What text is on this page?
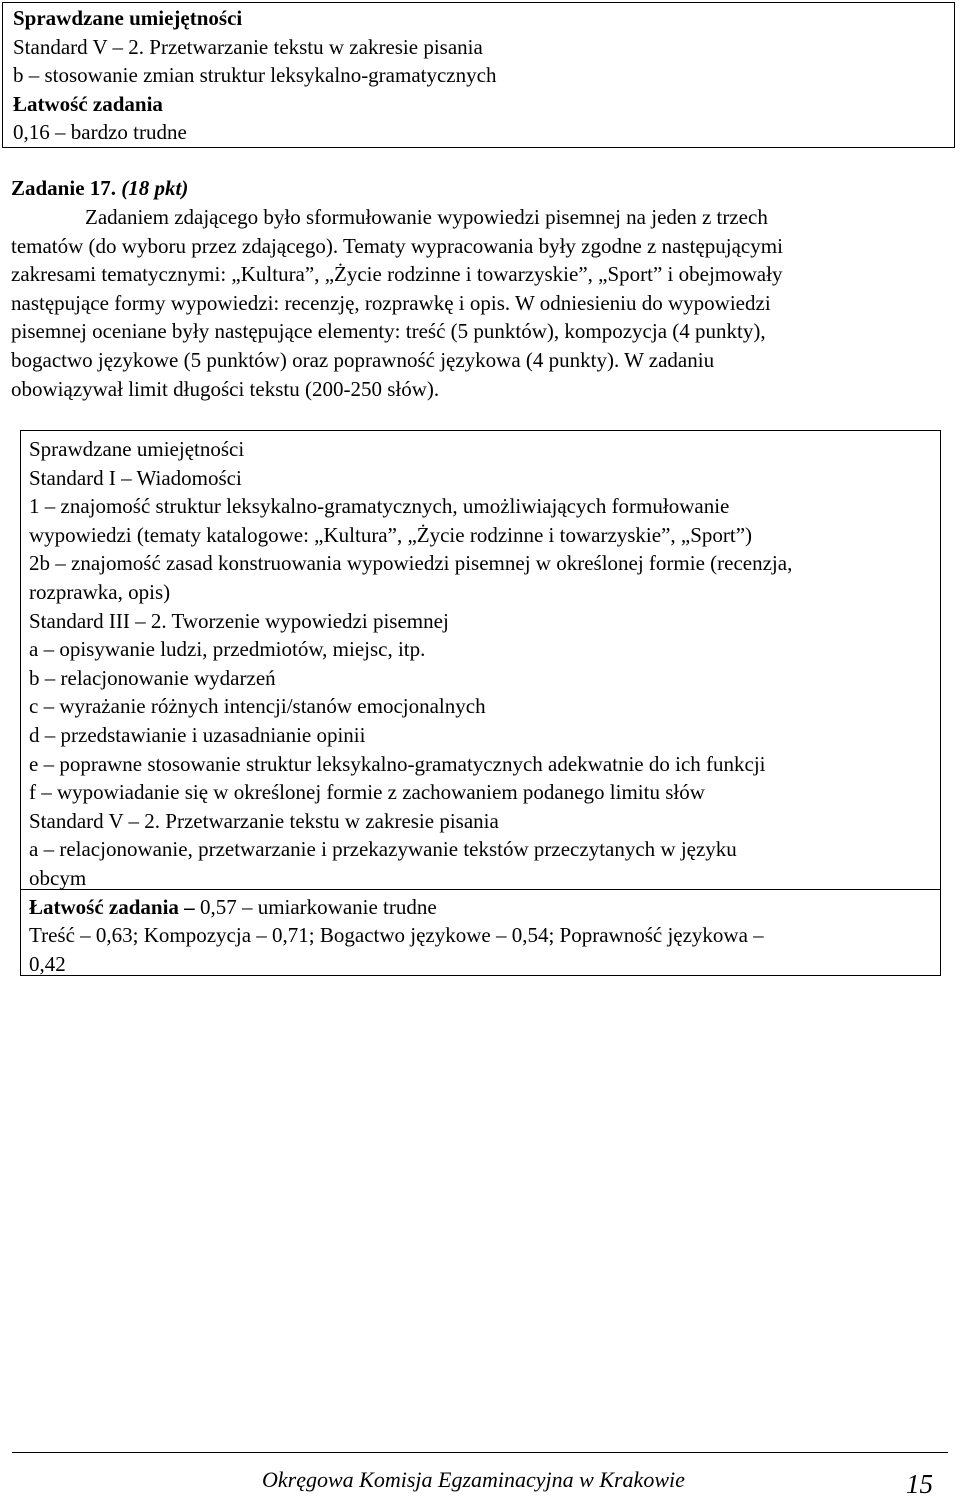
Sprawdzane umiejętności
Standard V – 2. Przetwarzanie tekstu w zakresie pisania
b – stosowanie zmian struktur leksykalno-gramatycznych
Łatwość zadania
0,16 – bardzo trudne
Zadanie 17. (18 pkt)
Zadaniem zdającego było sformułowanie wypowiedzi pisemnej na jeden z trzech
tematów (do wyboru przez zdającego). Tematy wypracowania były zgodne z następującymi
zakresami tematycznymi: „Kultura”, „Życie rodzinne i towarzyskie”, „Sport” i obejmowały
następujące formy wypowiedzi: recenzję, rozprawkę i opis. W odniesieniu do wypowiedzi
pisemnej oceniane były następujące elementy: treść (5 punktów), kompozycja (4 punkty),
bogactwo językowe (5 punktów) oraz poprawność językowa (4 punkty). W zadaniu
obowiązywał limit długości tekstu (200-250 słów).
Sprawdzane umiejętności
Standard I – Wiadomości
1 – znajomość struktur leksykalno-gramatycznych, umożliwiających formułowanie
wypowiedzi (tematy katalogowe: „Kultura”, „Życie rodzinne i towarzyskie”, „Sport”)
2b – znajomość zasad konstruowania wypowiedzi pisemnej w określonej formie (recenzja,
rozprawka, opis)
Standard III – 2. Tworzenie wypowiedzi pisemnej
a – opisywanie ludzi, przedmiotów, miejsc, itp.
b – relacjonowanie wydarzeń
c – wyrażanie różnych intencji/stanów emocjonalnych
d – przedstawianie i uzasadnianie opinii
e – poprawne stosowanie struktur leksykalno-gramatycznych adekwatnie do ich funkcji
f – wypowiadanie się w określonej formie z zachowaniem podanego limitu słów
Standard V – 2. Przetwarzanie tekstu w zakresie pisania
a – relacjonowanie, przetwarzanie i przekazywanie tekstów przeczytanych w języku
obcym
Łatwość zadania – 0,57 – umiarkowanie trudne
Treść – 0,63; Kompozycja – 0,71; Bogactwo językowe – 0,54; Poprawność językowa –
0,42
Okręgowa Komisja Egzaminacyjna w Krakowie	15
